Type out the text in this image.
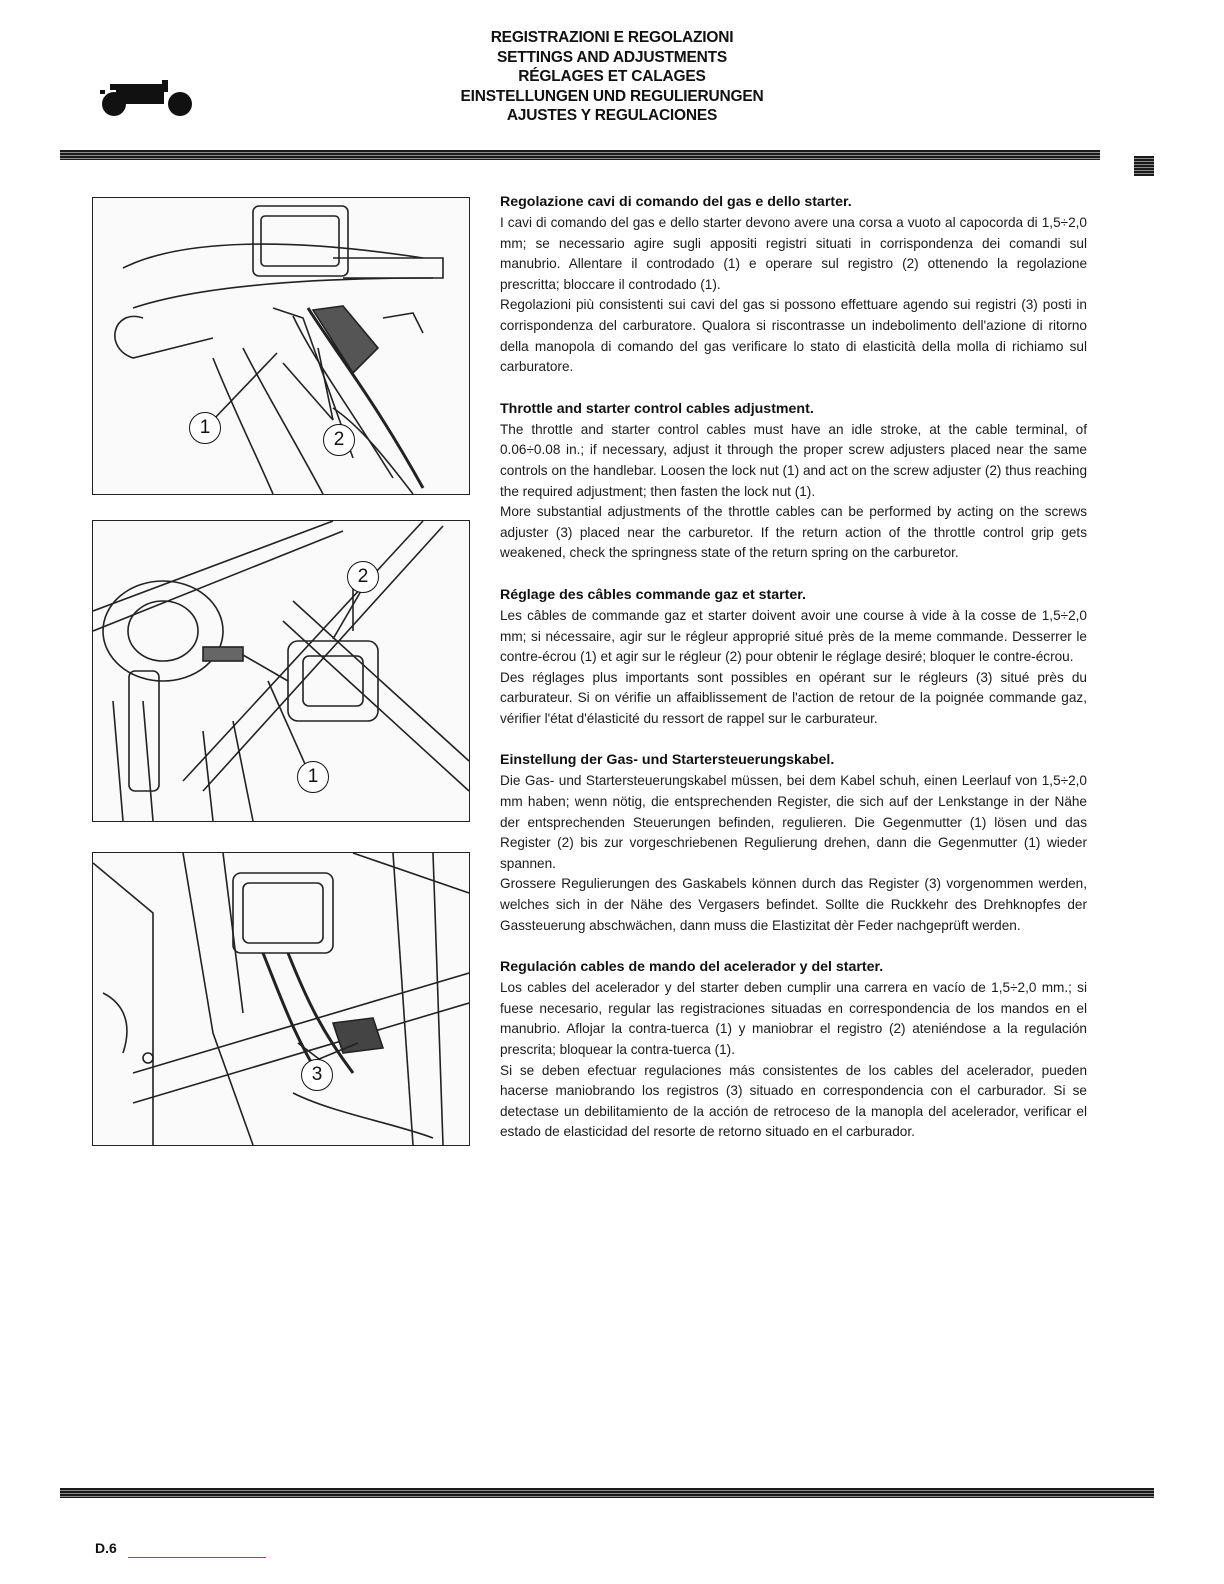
REGISTRAZIONI E REGOLAZIONI
SETTINGS AND ADJUSTMENTS
RÉGLAGES ET CALAGES
EINSTELLUNGEN UND REGULIERUNGEN
AJUSTES Y REGULACIONES
1
2
2
1
3
Regolazione cavi di comando del gas e dello starter.

I cavi di comando del gas e dello starter devono avere una corsa a vuoto al capocorda di 1,5÷2,0 mm; se necessario agire sugli appositi registri situati in corrispondenza dei comandi sul manubrio. Allentare il controdado (1) e operare sul registro (2) ottenendo la regolazione prescritta; bloccare il controdado (1).

Regolazioni più consistenti sui cavi del gas si possono effettuare agendo sui registri (3) posti in corrispondenza del carburatore. Qualora si riscontrasse un indebolimento dell'azione di ritorno della manopola di comando del gas verificare lo stato di elasticità della molla di richiamo sul carburatore.

Throttle and starter control cables adjustment.

The throttle and starter control cables must have an idle stroke, at the cable terminal, of 0.06÷0.08 in.; if necessary, adjust it through the proper screw adjusters placed near the same controls on the handlebar. Loosen the lock nut (1) and act on the screw adjuster (2) thus reaching the required adjustment; then fasten the lock nut (1).

More substantial adjustments of the throttle cables can be performed by acting on the screws adjuster (3) placed near the carburetor. If the return action of the throttle control grip gets weakened, check the springness state of the return spring on the carburetor.

Réglage des câbles commande gaz et starter.

Les câbles de commande gaz et starter doivent avoir une course à vide à la cosse de 1,5÷2,0 mm; si nécessaire, agir sur le régleur approprié situé près de la meme commande. Desserrer le contre-écrou (1) et agir sur le régleur (2) pour obtenir le réglage desiré; bloquer le contre-écrou.

Des réglages plus importants sont possibles en opérant sur le régleurs (3) situé près du carburateur. Si on vérifie un affaiblissement de l'action de retour de la poignée commande gaz, vérifier l'état d'élasticité du ressort de rappel sur le carburateur.

Einstellung der Gas- und Startersteuerungskabel.

Die Gas- und Startersteuerungskabel müssen, bei dem Kabel schuh, einen Leerlauf von 1,5÷2,0 mm haben; wenn nötig, die entsprechenden Register, die sich auf der Lenkstange in der Nähe der entsprechenden Steuerungen befinden, regulieren. Die Gegenmutter (1) lösen und das Register (2) bis zur vorgeschriebenen Regulierung drehen, dann die Gegenmutter (1) wieder spannen.

Grossere Regulierungen des Gaskabels können durch das Register (3) vorgenommen werden, welches sich in der Nähe des Vergasers befindet. Sollte die Ruckkehr des Drehknopfes der Gassteuerung abschwächen, dann muss die Elastizitat dèr Feder nachgeprüft werden.

Regulación cables de mando del acelerador y del starter.

Los cables del acelerador y del starter deben cumplir una carrera en vacío de 1,5÷2,0 mm.; si fuese necesario, regular las registraciones situadas en correspondencia de los mandos en el manubrio. Aflojar la contra-tuerca (1) y maniobrar el registro (2) ateniéndose a la regulación prescrita; bloquear la contra-tuerca (1).

Si se deben efectuar regulaciones más consistentes de los cables del acelerador, pueden hacerse maniobrando los registros (3) situado en correspondencia con el carburador. Si se detectase un debilitamiento de la acción de retroceso de la manopla del acelerador, verificar el estado de elasticidad del resorte de retorno situado en el carburador.

D.6
